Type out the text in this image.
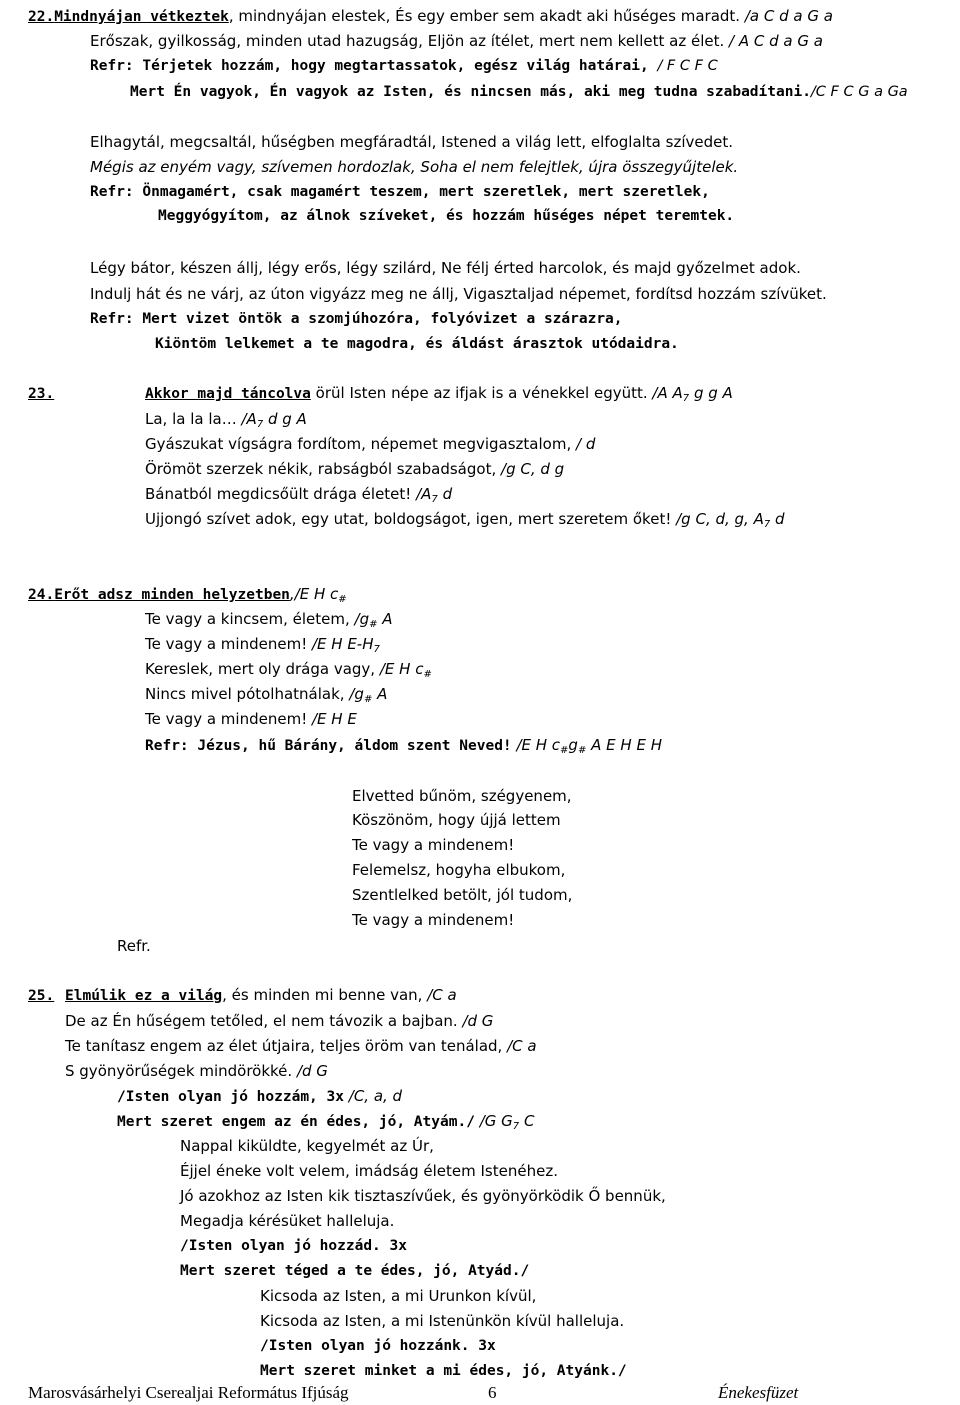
22.Mindnyájan vétkeztek, mindnyájan elestek, És egy ember sem akadt aki hűséges maradt. /a C d a G a
Erőszak, gyilkosság, minden utad hazugság, Eljön az ítélet, mert nem kellett az élet. / A C d a G a
Refr: Térjetek hozzám, hogy megtartassatok, egész világ határai, / F C F C
Mert Én vagyok, Én vagyok az Isten, és nincsen más, aki meg tudna szabadítani./C F C G a Ga
Elhagytál, megcsaltál, hűségben megfáradtál, Istened a világ lett, elfoglalta szívedet.
Mégis az enyém vagy, szívemen hordozlak, Soha el nem felejtlek, újra összegyűjtelek.
Refr: Önmagamért, csak magamért teszem, mert szeretlek, mert szeretlek,
Meggyógyítom, az álnok szíveket, és hozzám hűséges népet teremtek.
Légy bátor, készen állj, légy erős, légy szilárd, Ne félj érted harcolok, és majd győzelmet adok.
Indulj hát és ne várj, az úton vigyázz meg ne állj, Vigasztaljad népemet, fordítsd hozzám szívüket.
Refr: Mert vizet öntök a szomjúhozóra, folyóvizet a szárazra,
Kiöntöm lelkemet a te magodra, és áldást árasztok utódaidra.
23.	Akkor majd táncolva örül Isten népe az ifjak is a vénekkel együtt. /A $A_7$ g g A
La, la la la… $/A_7$ d g A
Gyászukat vígságra fordítom, népemet megvigasztalom, / d
Örömöt szerzek nékik, rabságból szabadságot, /g C, d g
Bánatból megdicsőült drága életet! $/A_7$ d
Ujjongó szívet adok, egy utat, boldogságot, igen, mert szeretem őket! /g C, d, g, $A_7$ d
24.Erőt adsz minden helyzetben,/E H $c_{\#}$
Te vagy a kincsem, életem, $/g_{\#}$ A
Te vagy a mindenem! /E H $E-H_7$
Kereslek, mert oly drága vagy, /E H $c_{\#}$
Nincs mivel pótolhatnálak, $/g_{\#}$ A
Te vagy a mindenem! /E H E
Refr: Jézus, hű Bárány, áldom szent Neved! /E H $c_{\#}g_{\#}$ A E H E H
Elvetted bűnöm, szégyenem,
Köszönöm, hogy újjá lettem
Te vagy a mindenem!
Felemelsz, hogyha elbukom,
Szentlelked betölt, jól tudom,
Te vagy a mindenem!
Refr.
25. Elmúlik ez a világ, és minden mi benne van, /C a
De az Én hűségem tetőled, el nem távozik a bajban. /d G
Te tanítasz engem az élet útjaira, teljes öröm van tenálad, /C a
S gyönyörűségek mindörökké. /d G
/Isten olyan jó hozzám, 3x /C, a, d
Mert szeret engem az én édes, jó, Atyám./ /G $G_7$ C
Nappal kiküldte, kegyelmét az Úr,
Éjjel éneke volt velem, imádság életem Istenéhez.
Jó azokhoz az Isten kik tisztaszívűek, és gyönyörködik Ő bennük,
Megadja kérésüket halleluja.
/Isten olyan jó hozzád. 3x
Mert szeret téged a te édes, jó, Atyád./
Kicsoda az Isten, a mi Urunkon kívül,
Kicsoda az Isten, a mi Istenünkön kívül halleluja.
/Isten olyan jó hozzánk. 3x
Mert szeret minket a mi édes, jó, Atyánk./
Marosvásárhelyi Cserealjai Református Ifjúság	6	Énekesfüzet
